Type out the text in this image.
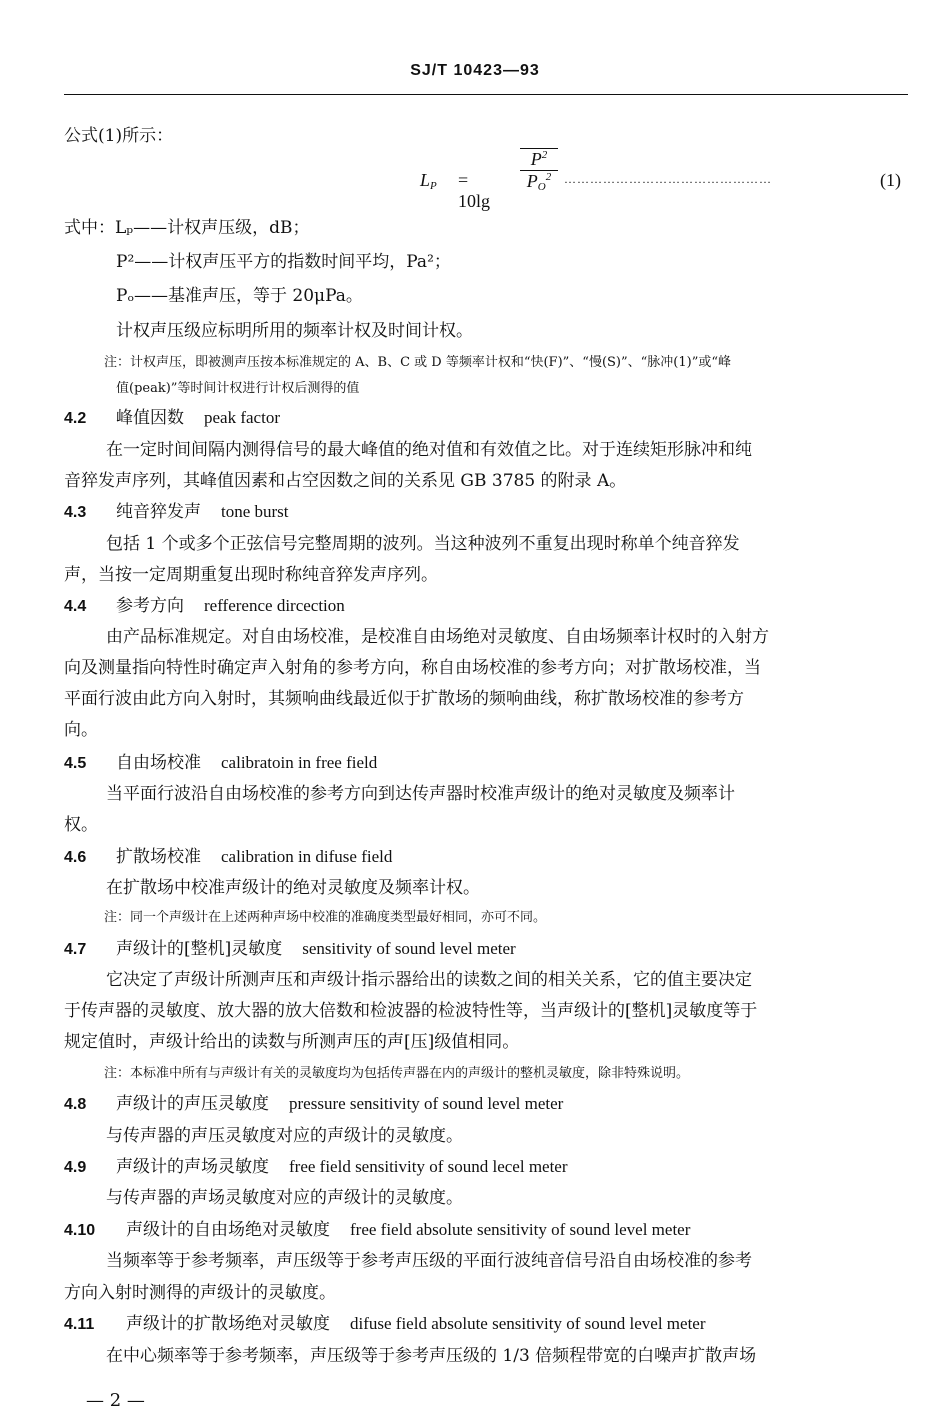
SJ/T 10423—93
公式(1)所示：
$L_P = 10\lg$
$\frac{P^2}{P_O^2}$ …………………………………………	(1)
式中：Lₚ——计权声压级，dB；
P²——计权声压平方的指数时间平均，Pa²；
Pₒ——基准声压，等于 20μPa。
计权声压级应标明所用的频率计权及时间计权。
注：计权声压，即被测声压按本标准规定的 A、B、C 或 D 等频率计权和“快(F)”、“慢(S)”、“脉冲(1)”或“峰
值(peak)”等时间计权进行计权后测得的值
4.2 峰值因数 peak factor
在一定时间间隔内测得信号的最大峰值的绝对值和有效值之比。对于连续矩形脉冲和纯
音猝发声序列，其峰值因素和占空因数之间的关系见 GB 3785 的附录 A。
4.3 纯音猝发声 tone burst
包括 1 个或多个正弦信号完整周期的波列。当这种波列不重复出现时称单个纯音猝发
声，当按一定周期重复出现时称纯音猝发声序列。
4.4 参考方向 refference dircection
由产品标准规定。对自由场校准，是校准自由场绝对灵敏度、自由场频率计权时的入射方
向及测量指向特性时确定声入射角的参考方向，称自由场校准的参考方向；对扩散场校准，当
平面行波由此方向入射时，其频响曲线最近似于扩散场的频响曲线，称扩散场校准的参考方
向。
4.5 自由场校准 calibratoin in free field
当平面行波沿自由场校准的参考方向到达传声器时校准声级计的绝对灵敏度及频率计
权。
4.6 扩散场校准 calibration in difuse field
在扩散场中校准声级计的绝对灵敏度及频率计权。
注：同一个声级计在上述两种声场中校准的准确度类型最好相同，亦可不同。
4.7 声级计的[整机]灵敏度 sensitivity of sound level meter
它决定了声级计所测声压和声级计指示器给出的读数之间的相关关系，它的值主要决定
于传声器的灵敏度、放大器的放大倍数和检波器的检波特性等，当声级计的[整机]灵敏度等于
规定值时，声级计给出的读数与所测声压的声[压]级值相同。
注：本标准中所有与声级计有关的灵敏度均为包括传声器在内的声级计的整机灵敏度，除非特殊说明。
4.8 声级计的声压灵敏度 pressure sensitivity of sound level meter
与传声器的声压灵敏度对应的声级计的灵敏度。
4.9 声级计的声场灵敏度 free field sensitivity of sound lecel meter
与传声器的声场灵敏度对应的声级计的灵敏度。
4.10 声级计的自由场绝对灵敏度 free field absolute sensitivity of sound level meter
当频率等于参考频率，声压级等于参考声压级的平面行波纯音信号沿自由场校准的参考
方向入射时测得的声级计的灵敏度。
4.11 声级计的扩散场绝对灵敏度 difuse field absolute sensitivity of sound level meter
在中心频率等于参考频率，声压级等于参考声压级的 1/3 倍频程带宽的白噪声扩散声场
— 2 —
